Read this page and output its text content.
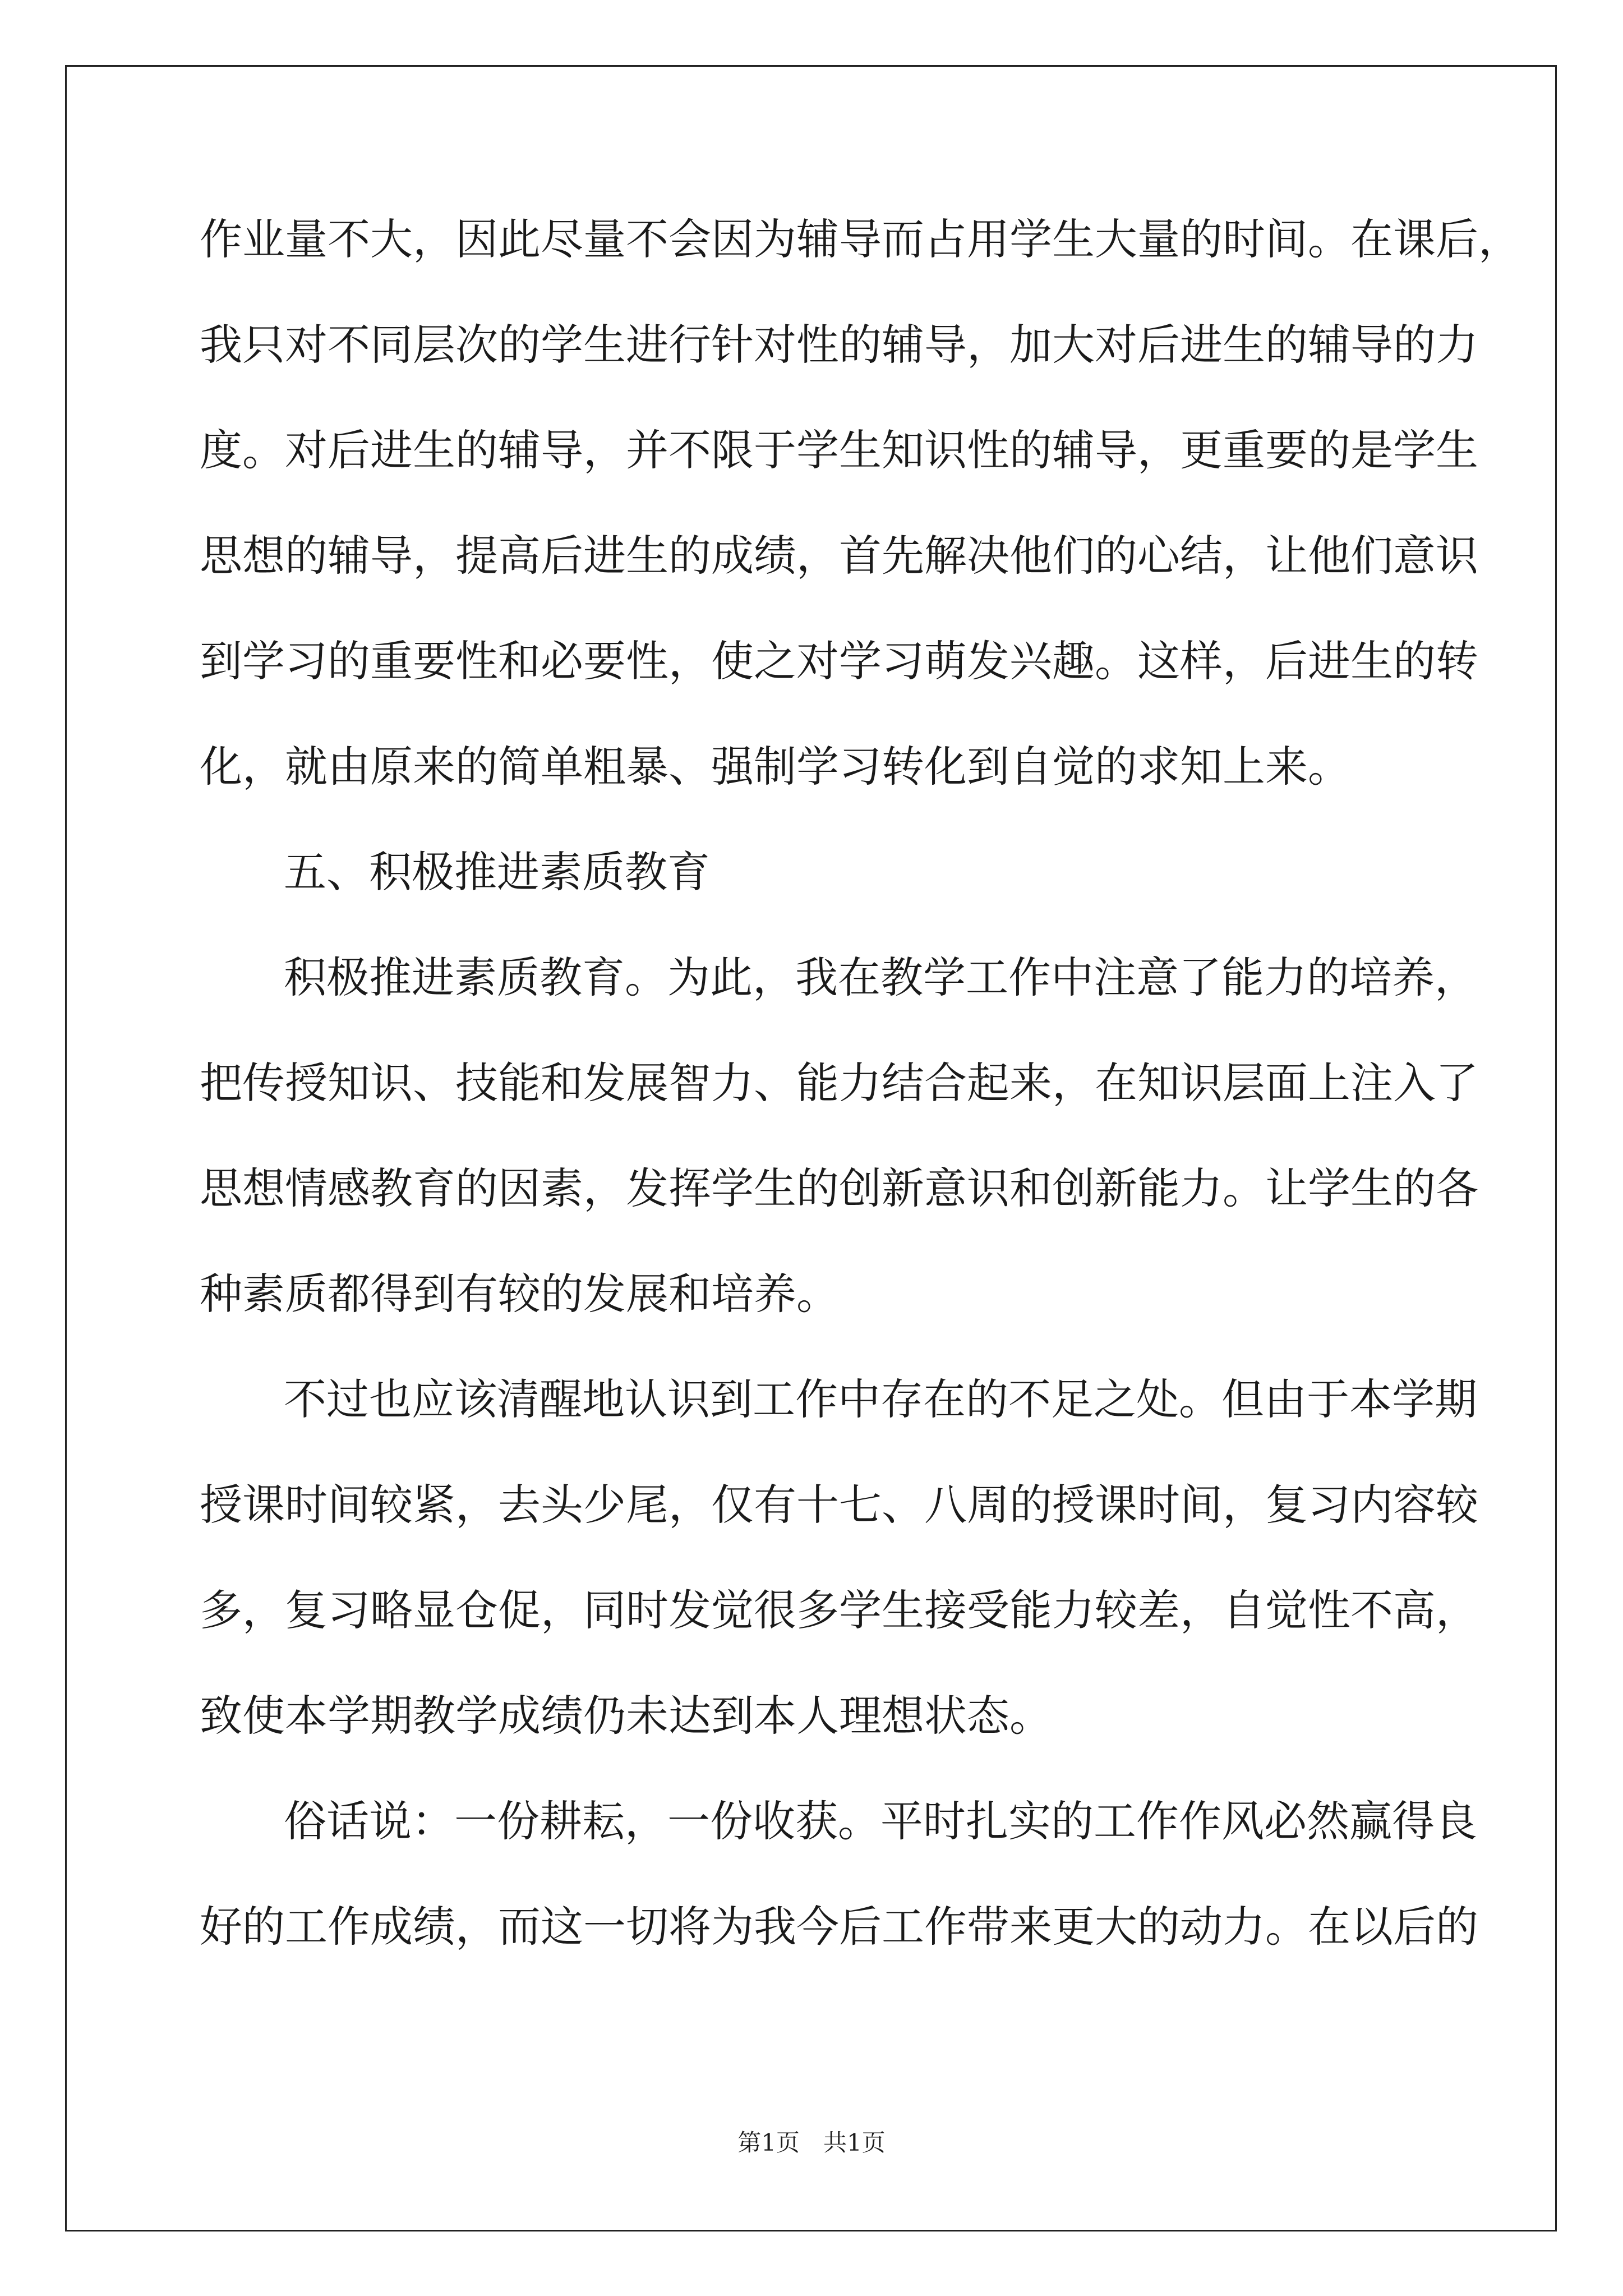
作业量不大，因此尽量不会因为辅导而占用学生大量的时间。在课后，
我只对不同层次的学生进行针对性的辅导，加大对后进生的辅导的力
度。对后进生的辅导，并不限于学生知识性的辅导，更重要的是学生
思想的辅导，提高后进生的成绩，首先解决他们的心结，让他们意识
到学习的重要性和必要性，使之对学习萌发兴趣。这样，后进生的转
化，就由原来的简单粗暴、强制学习转化到自觉的求知上来。
五、积极推进素质教育
积极推进素质教育。为此，我在教学工作中注意了能力的培养，
把传授知识、技能和发展智力、能力结合起来，在知识层面上注入了
思想情感教育的因素，发挥学生的创新意识和创新能力。让学生的各
种素质都得到有较的发展和培养。
不过也应该清醒地认识到工作中存在的不足之处。但由于本学期
授课时间较紧，去头少尾，仅有十七、八周的授课时间，复习内容较
多，复习略显仓促，同时发觉很多学生接受能力较差，自觉性不高，
致使本学期教学成绩仍未达到本人理想状态。
俗话说：一份耕耘，一份收获。平时扎实的工作作风必然赢得良
好的工作成绩，而这一切将为我今后工作带来更大的动力。在以后的
第1页　共1页
